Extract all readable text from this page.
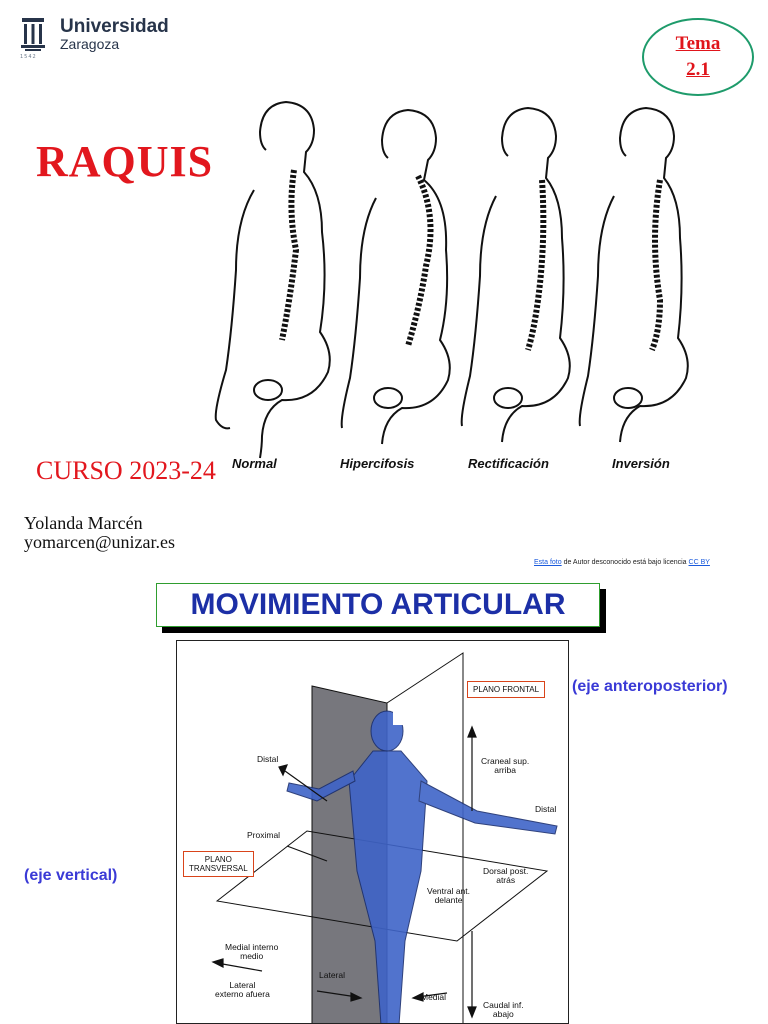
1542
Universidad
Zaragoza	Tema
2.1
RAQUIS
CURSO 2023-24 Normal	Hipercifosis	Rectificación	Inversión
Yolanda Marcén
yomarcen@unizar.es
Esta foto de Autor desconocido está bajo licencia CC BY
MOVIMIENTO ARTICULAR
PLANO FRONTAL
PLANO
TRANSVERSAL
Distal
Proximal
Craneal sup.
arriba
Distal
Dorsal post.
atrás
Ventral ant.
delante
Medial interno
medio
Lateral
externo afuera
Lateral
Medial
Caudal inf.
abajo
(eje anteroposterior)
(eje vertical)
